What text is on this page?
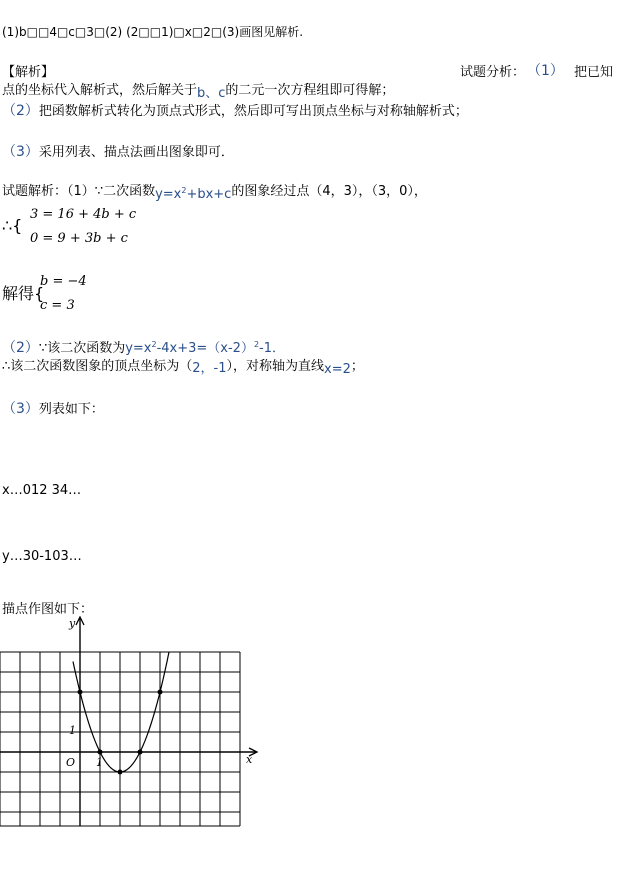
(1)b□□4□c□3□(2) (2□□1)□x□2□(3)画图见解析.
【解析】	试题分析： （1） 把已知
点的坐标代入解析式，然后解关于b、c的二元一次方程组即可得解；
（2）把函数解析式转化为顶点式形式，然后即可写出顶点坐标与对称轴解析式；
（3）采用列表、描点法画出图象即可．
试题解析：（1）∵二次函数$y=x^2+bx+c$的图象经过点（4，3），（3，0），
∴{
3 = 16 + 4b + c
0 = 9 + 3b + c
解得{
b = −4
c = 3
（2）∵该二次函数为$y=x^2-4x+3=(x-2)^2-1$．
∴该二次函数图象的顶点坐标为（2，-1），对称轴为直线x=2；
（3）列表如下：
x…012 34…
y…30-103…
描点作图如下：
x
y
O 1
1
